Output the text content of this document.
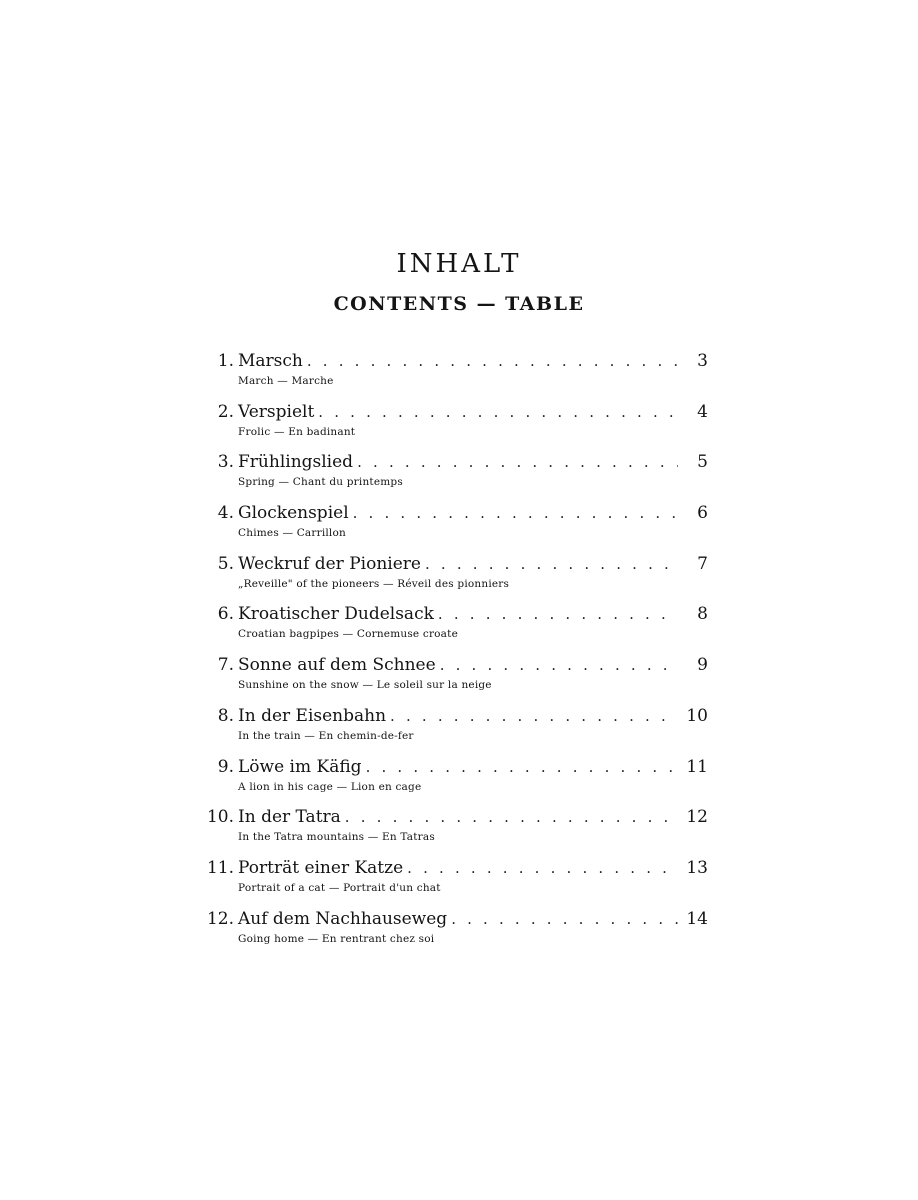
INHALT
CONTENTS — TABLE
1. Marsch . . .	3
March — Marche
2. Verspielt . . .	4
Frolic — En badinant
3. Frühlingslied . . .	5
Spring — Chant du printemps
4. Glockenspiel . . .	6
Chimes — Carrillon
5. Weckruf der Pioniere . . .	7
„Reveille" of the pioneers — Réveil des pionniers
6. Kroatischer Dudelsack . . .	8
Croatian bagpipes — Cornemuse croate
7. Sonne auf dem Schnee . . .	9
Sunshine on the snow — Le soleil sur la neige
8. In der Eisenbahn . . .	10
In the train — En chemin-de-fer
9. Löwe im Käfig . . .	11
A lion in his cage — Lion en cage
10. In der Tatra . . .	12
In the Tatra mountains — En Tatras
11. Porträt einer Katze . . .	13
Portrait of a cat — Portrait d'un chat
12. Auf dem Nachhauseweg . . .	14
Going home — En rentrant chez soi
